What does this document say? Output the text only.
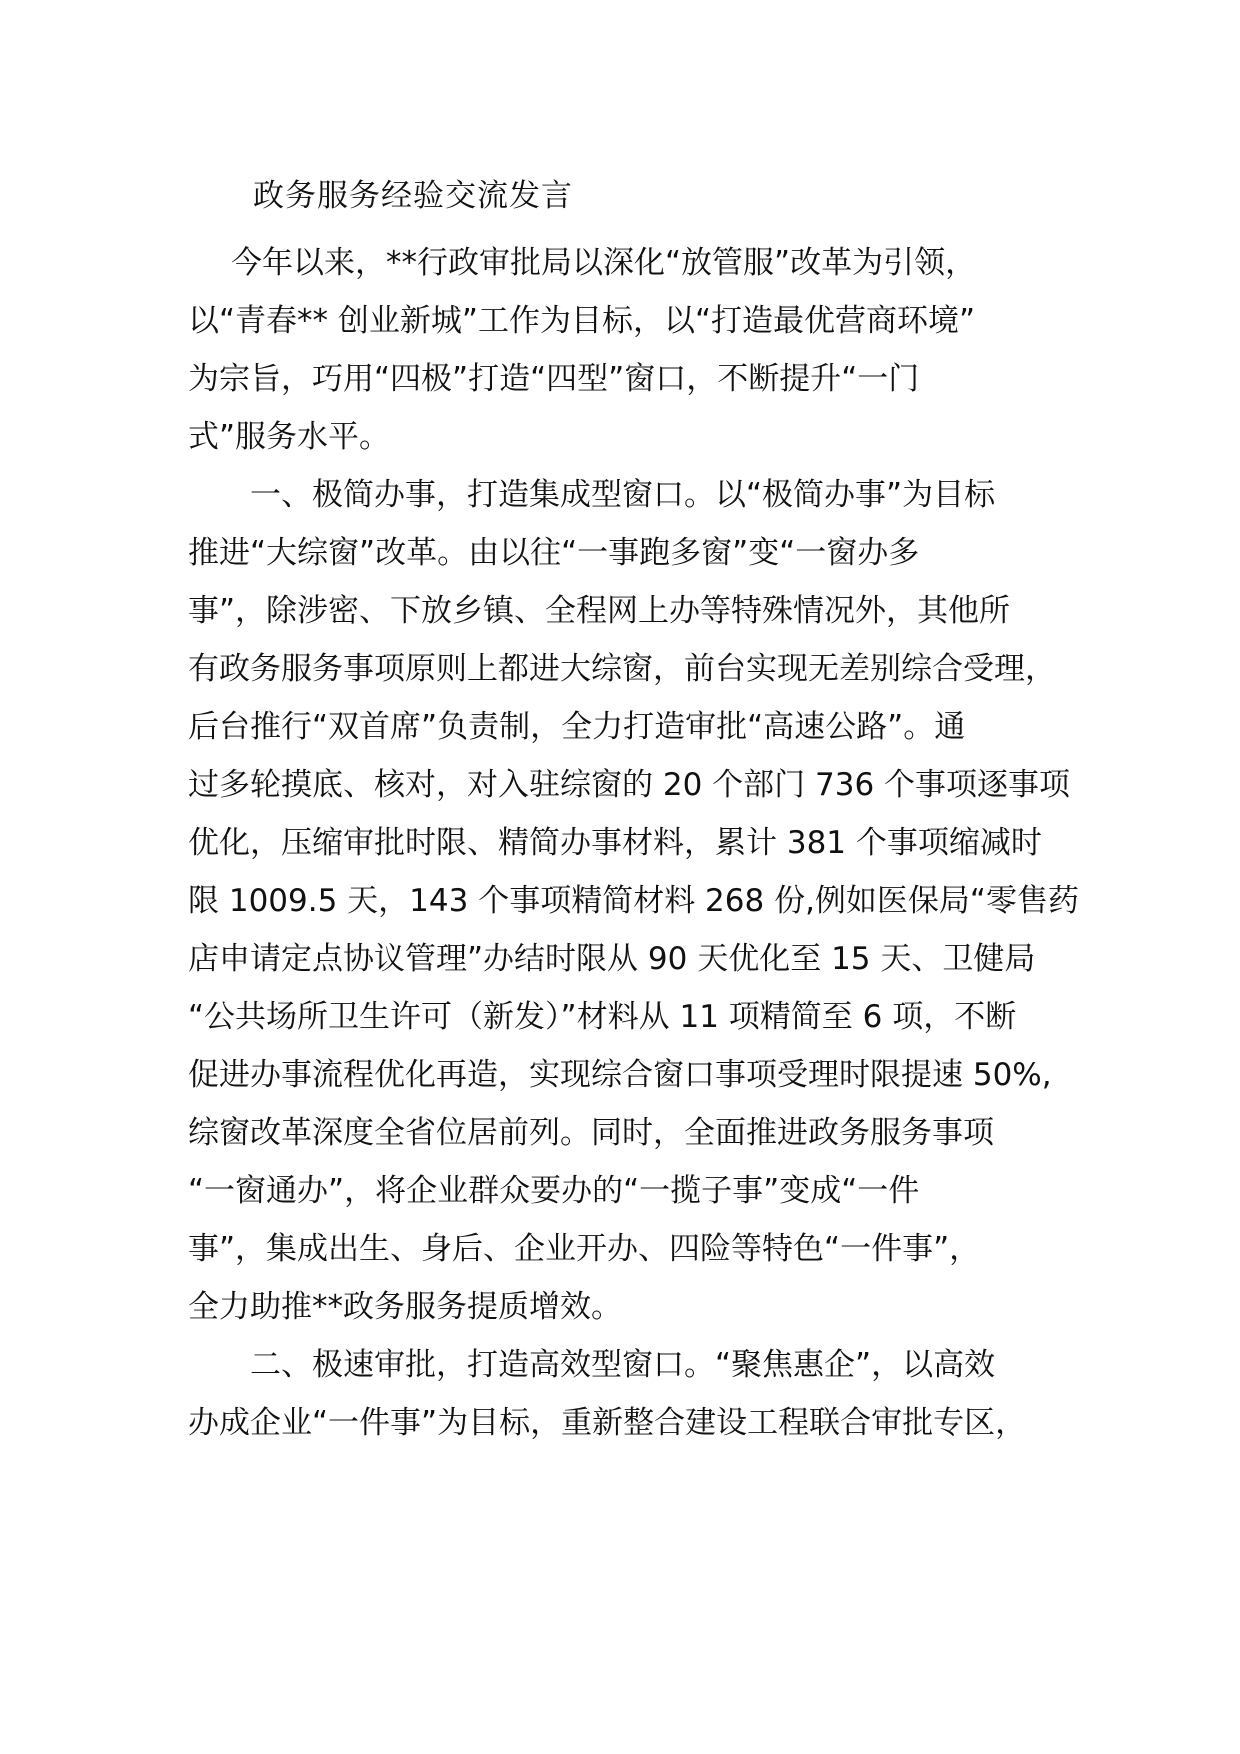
政务服务经验交流发言
今年以来，**行政审批局以深化“放管服”改革为引领，
以“青春** 创业新城”工作为目标，以“打造最优营商环境”
为宗旨，巧用“四极”打造“四型”窗口，不断提升“一门
式”服务水平。
一、极简办事，打造集成型窗口。以“极简办事”为目标
推进“大综窗”改革。由以往“一事跑多窗”变“一窗办多
事”，除涉密、下放乡镇、全程网上办等特殊情况外，其他所
有政务服务事项原则上都进大综窗，前台实现无差别综合受理，
后台推行“双首席”负责制，全力打造审批“高速公路”。通
过多轮摸底、核对，对入驻综窗的 20 个部门 736 个事项逐事项
优化，压缩审批时限、精简办事材料，累计 381 个事项缩减时
限 1009.5 天，143 个事项精简材料 268 份,例如医保局“零售药
店申请定点协议管理”办结时限从 90 天优化至 15 天、卫健局
“公共场所卫生许可（新发）”材料从 11 项精简至 6 项，不断
促进办事流程优化再造，实现综合窗口事项受理时限提速 50%,
综窗改革深度全省位居前列。同时，全面推进政务服务事项
“一窗通办”，将企业群众要办的“一揽子事”变成“一件
事”，集成出生、身后、企业开办、四险等特色“一件事”，
全力助推**政务服务提质增效。
二、极速审批，打造高效型窗口。“聚焦惠企”，以高效
办成企业“一件事”为目标，重新整合建设工程联合审批专区，
